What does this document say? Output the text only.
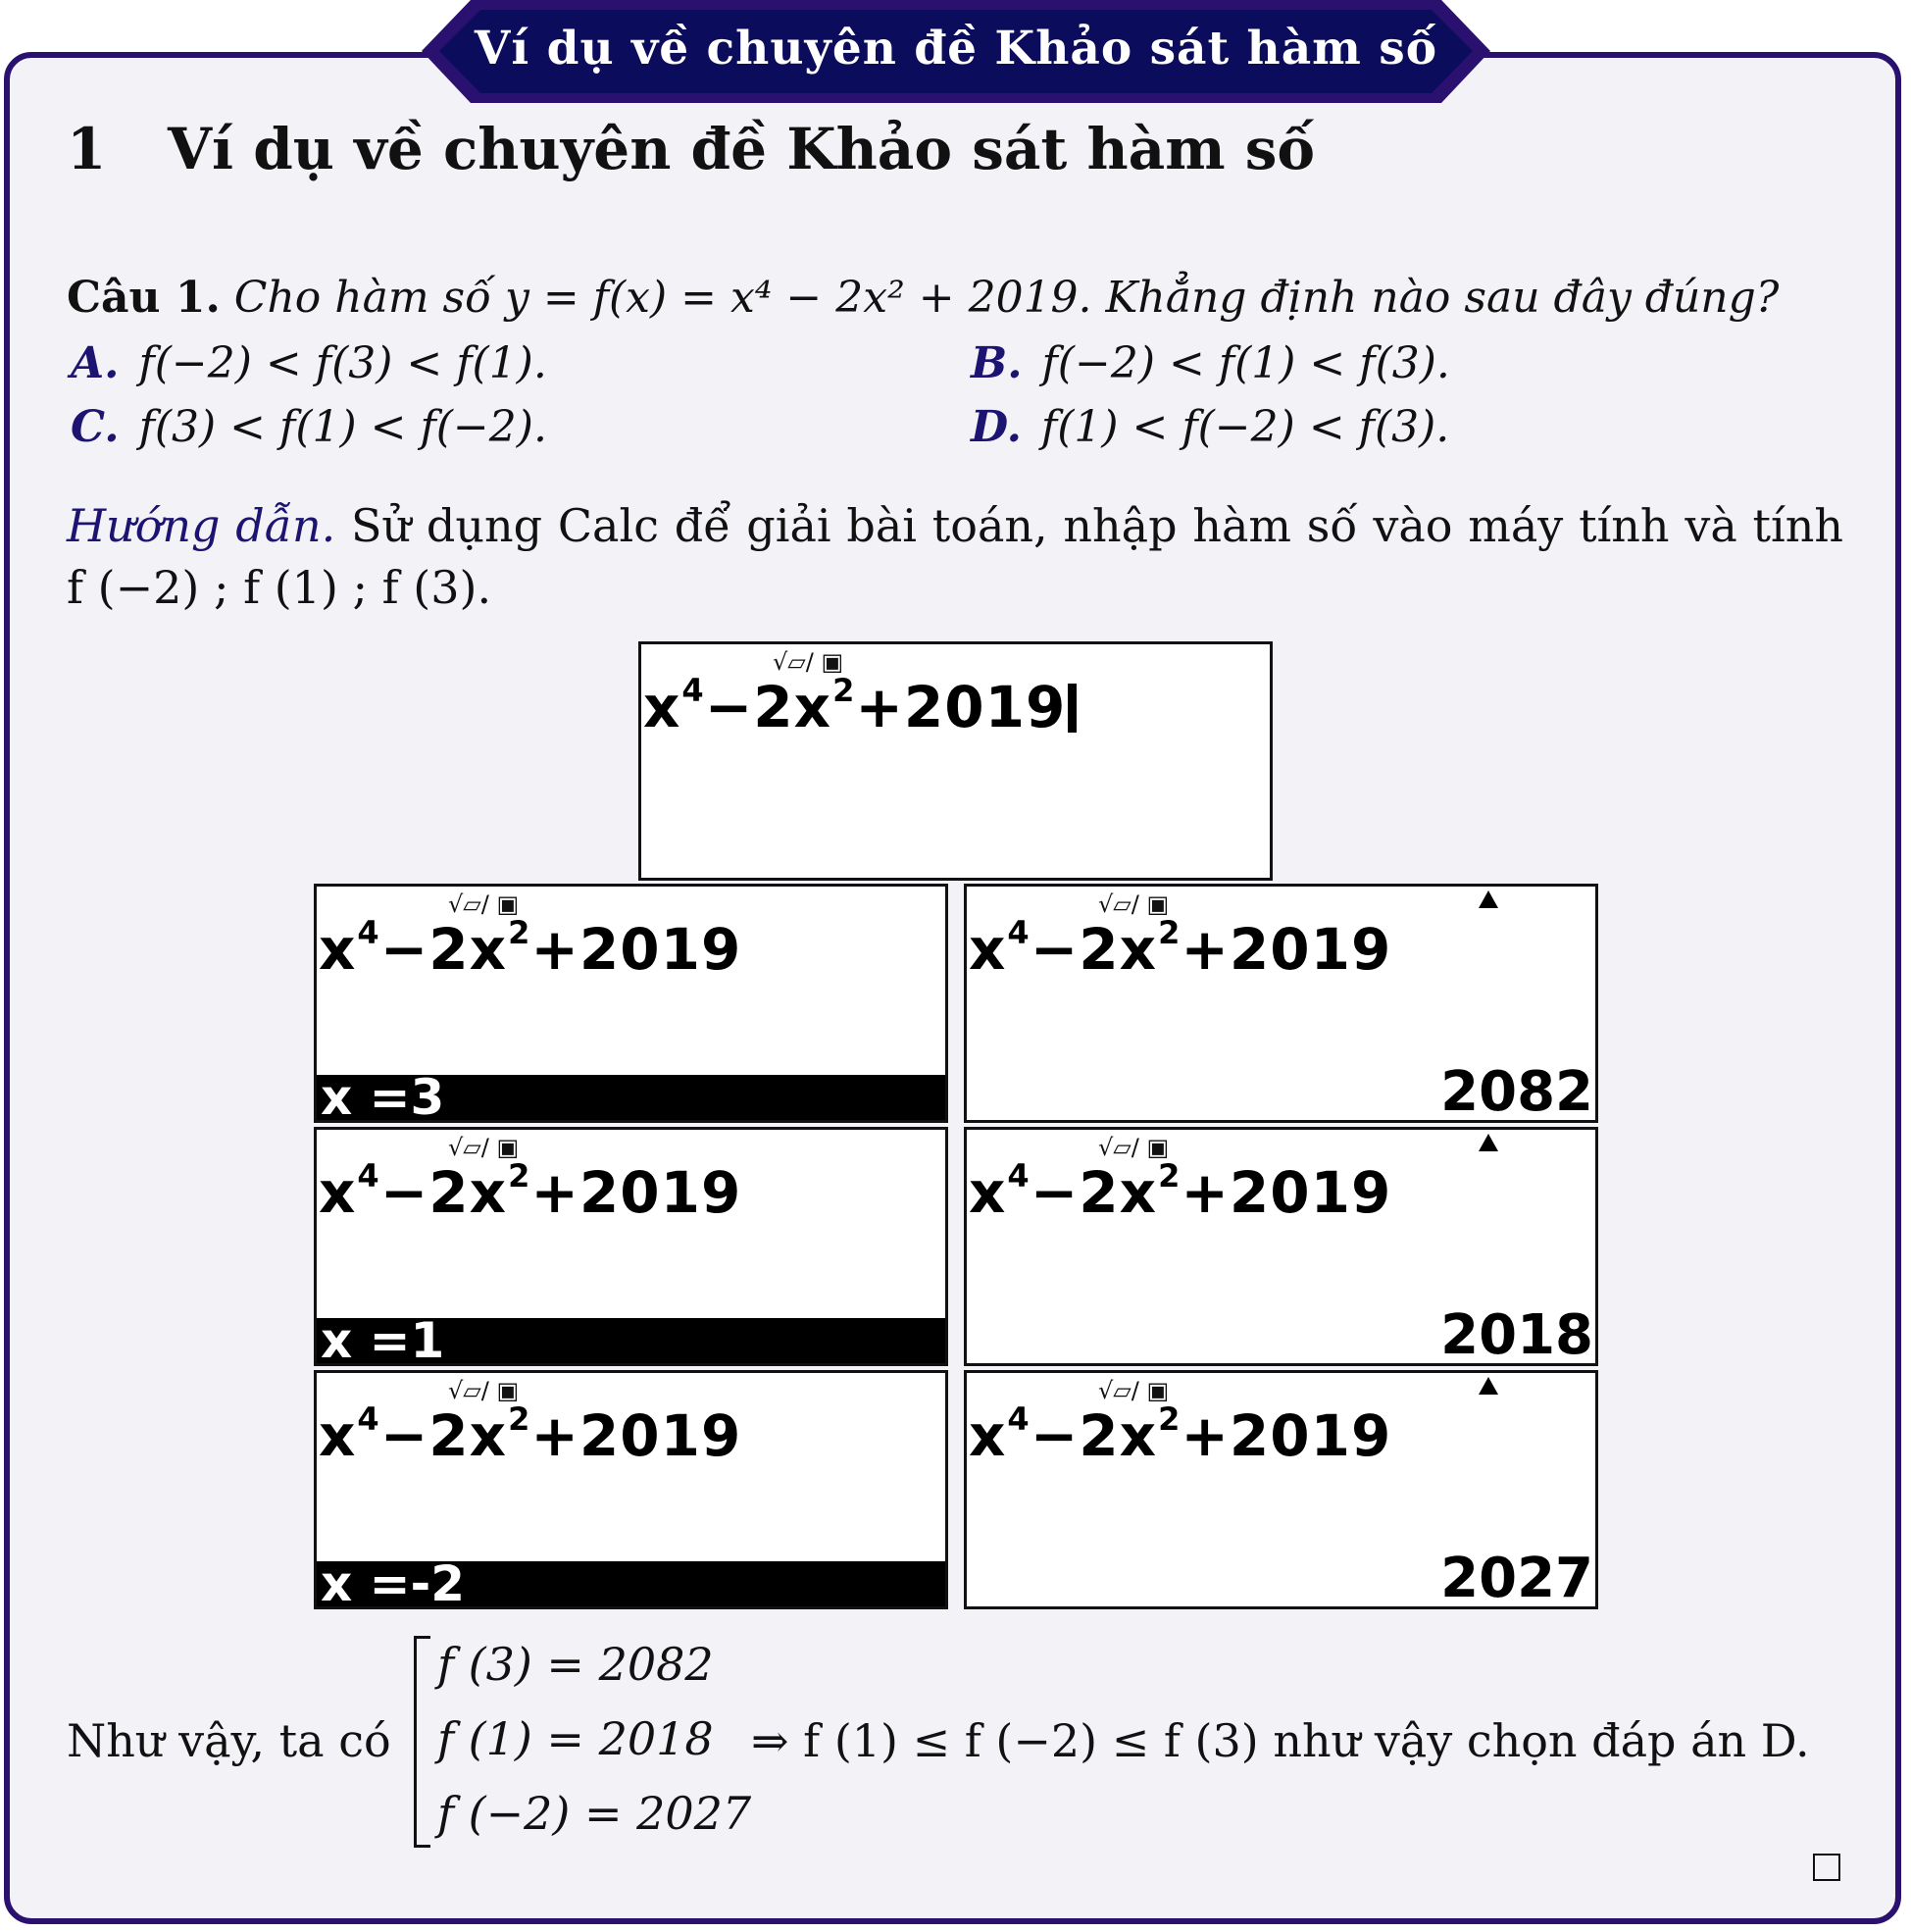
Ví dụ về chuyên đề Khảo sát hàm số
1 Ví dụ về chuyên đề Khảo sát hàm số
Câu 1. Cho hàm số y = f(x) = x⁴ − 2x² + 2019. Khẳng định nào sau đây đúng?
A. f(−2) < f(3) < f(1).	B. f(−2) < f(1) < f(3).
C. f(3) < f(1) < f(−2).	D. f(1) < f(−2) < f(3).
Hướng dẫn. Sử dụng Calc để giải bài toán, nhập hàm số vào máy tính và tính f (−2) ; f (1) ; f (3).
√▱/ ▣
$x^4-2x^2+2019$
√▱/ ▣
$x^4-2x^2+2019$
x =3
√▱/ ▣
$x^4-2x^2+2019$
2082
√▱/ ▣
$x^4-2x^2+2019$
x =1
√▱/ ▣
$x^4-2x^2+2019$
2018
√▱/ ▣
$x^4-2x^2+2019$
x =-2
√▱/ ▣
$x^4-2x^2+2019$
2027
Như vậy, ta có
f (3) = 2082
f (1) = 2018
f (−2) = 2027
⇒ f (1) ≤ f (−2) ≤ f (3) như vậy chọn đáp án D.
